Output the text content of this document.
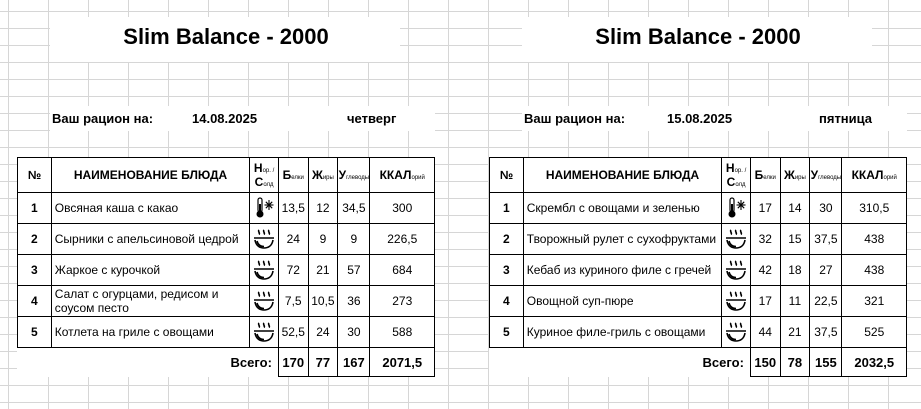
Slim Balance - 2000
Ваш рацион на:	14.08.2025	четверг
№	НАИМЕНОВАНИЕ БЛЮДА	Нор. / Солд	Белки	Жиры	Углеводы	ККАЛорий
1	Овсяная каша с какао		13,5	12	34,5	300
2	Сырники с апельсиновой цедрой		24	9	9	226,5
3	Жаркое с курочкой		72	21	57	684
4	Салат с огурцами, редисом и соусом песто		7,5	10,5	36	273
5	Котлета на гриле с овощами		52,5	24	30	588
Всего:			170	77	167	2071,5
Slim Balance - 2000
Ваш рацион на:	15.08.2025	пятница
№	НАИМЕНОВАНИЕ БЛЮДА	Нор. / Солд	Белки	Жиры	Углеводы	ККАЛорий
1	Скрембл с овощами и зеленью		17	14	30	310,5
2	Творожный рулет с сухофруктами		32	15	37,5	438
3	Кебаб из куриного филе с гречей		42	18	27	438
4	Овощной суп-пюре		17	11	22,5	321
5	Куриное филе-гриль с овощами		44	21	37,5	525
Всего:			150	78	155	2032,5
